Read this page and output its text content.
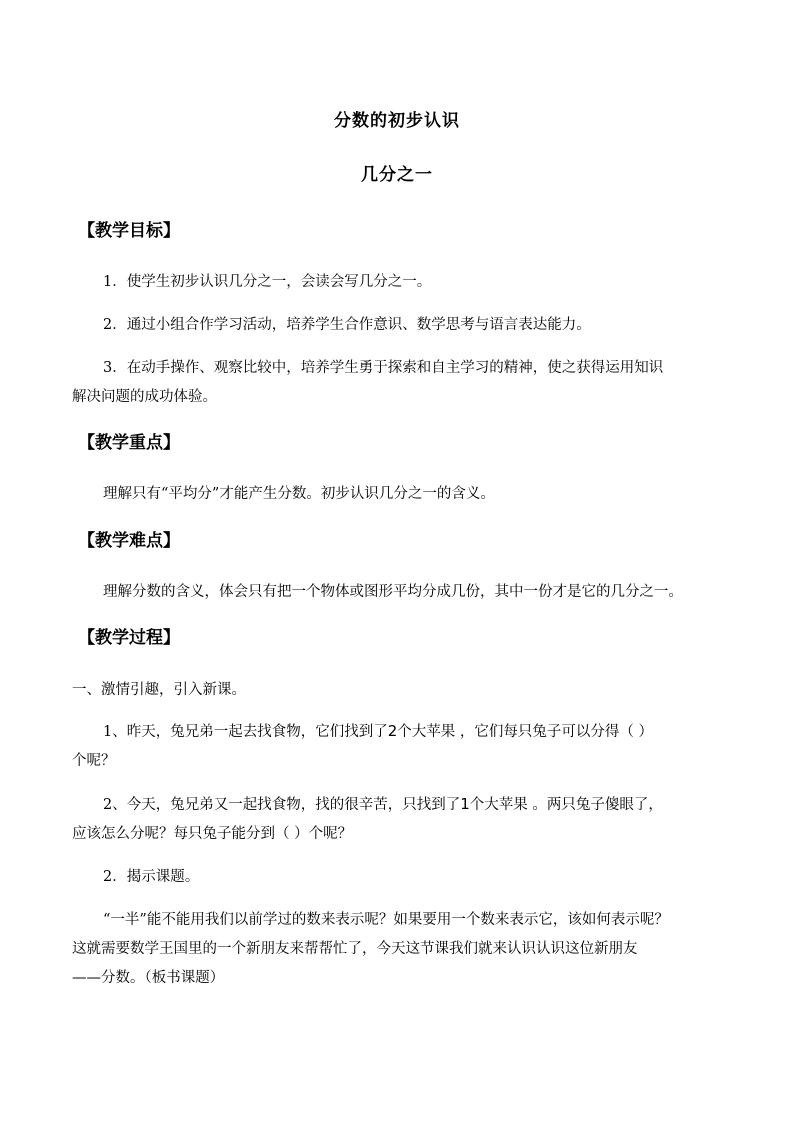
分数的初步认识
几分之一
【教学目标】
1．使学生初步认识几分之一，会读会写几分之一。
2．通过小组合作学习活动，培养学生合作意识、数学思考与语言表达能力。
3．在动手操作、观察比较中，培养学生勇于探索和自主学习的精神，使之获得运用知识
解决问题的成功体验。
【教学重点】
理解只有“平均分”才能产生分数。初步认识几分之一的含义。
【教学难点】
理解分数的含义，体会只有把一个物体或图形平均分成几份，其中一份才是它的几分之一。
【教学过程】
一、激情引趣，引入新课。
1、昨天，兔兄弟一起去找食物，它们找到了2个大苹果 ，它们每只兔子可以分得（ ）
个呢？
2、今天，兔兄弟又一起找食物，找的很辛苦，只找到了1个大苹果 。两只兔子傻眼了，
应该怎么分呢？每只兔子能分到（ ）个呢？
2．揭示课题。
“一半”能不能用我们以前学过的数来表示呢？如果要用一个数来表示它，该如何表示呢？
这就需要数学王国里的一个新朋友来帮帮忙了，今天这节课我们就来认识认识这位新朋友
——分数。（板书课题）
